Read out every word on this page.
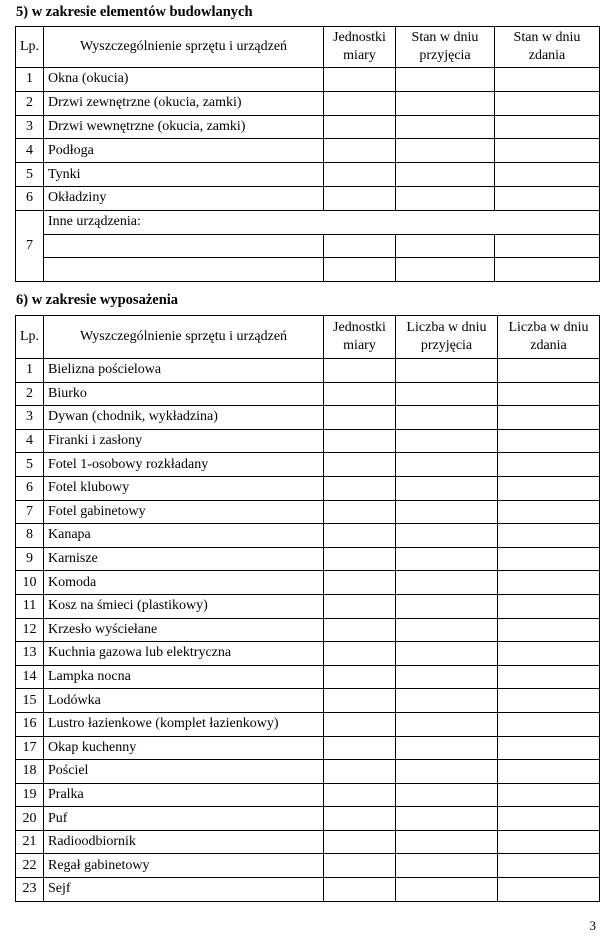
5) w zakresie elementów budowlanych
Lp.	Wyszczególnienie sprzętu i urządzeń	Jednostki miary	Stan w dniu przyjęcia	Stan w dniu zdania
1	Okna (okucia)			
2	Drzwi zewnętrzne (okucia, zamki)			
3	Drzwi wewnętrzne (okucia, zamki)			
4	Podłoga			
5	Tynki			
6	Okładziny			
7	Inne urządzenia:			

6) w zakresie wyposażenia
Lp.	Wyszczególnienie sprzętu i urządzeń	Jednostki miary	Liczba w dniu przyjęcia	Liczba w dniu zdania
1	Bielizna pościelowa			
2	Biurko			
3	Dywan (chodnik, wykładzina)			
4	Firanki i zasłony			
5	Fotel 1-osobowy rozkładany			
6	Fotel klubowy			
7	Fotel gabinetowy			
8	Kanapa			
9	Karnisze			
10	Komoda			
11	Kosz na śmieci (plastikowy)			
12	Krzesło wyściełane			
13	Kuchnia gazowa lub elektryczna			
14	Lampka nocna			
15	Lodówka			
16	Lustro łazienkowe (komplet łazienkowy)			
17	Okap kuchenny			
18	Pościel			
19	Pralka			
20	Puf			
21	Radioodbiornik			
22	Regał gabinetowy			
23	Sejf			
3
